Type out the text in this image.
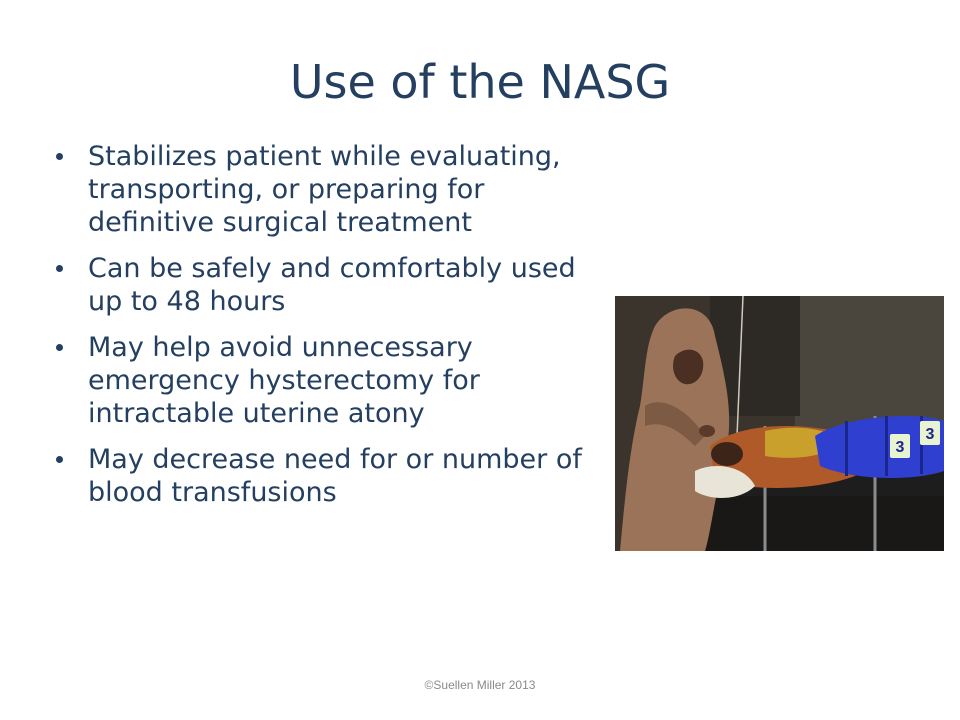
Use of the NASG
Stabilizes patient while evaluating, transporting, or preparing for definitive surgical treatment
Can be safely and comfortably used up to 48 hours
May help avoid unnecessary emergency hysterectomy for intractable uterine atony
May decrease need for or number of blood transfusions
3
3
©Suellen Miller 2013
